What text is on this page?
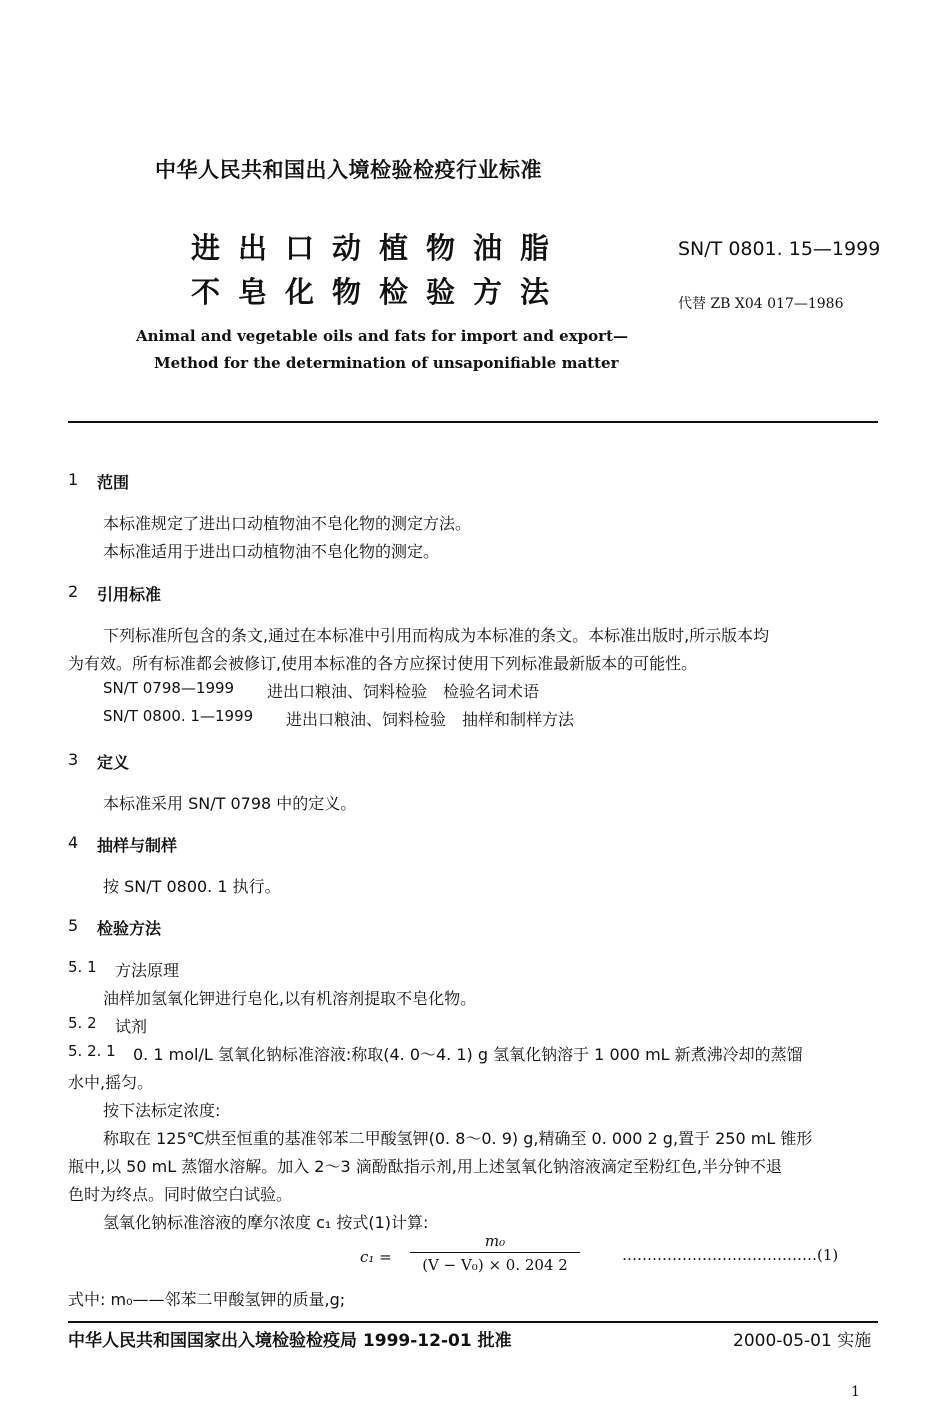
中华人民共和国出入境检验检疫行业标准
进出口动植物油脂
不皂化物检验方法
SN/T 0801. 15—1999
代替 ZB X04 017—1986
Animal and vegetable oils and fats for import and export—
Method for the determination of unsaponifiable matter
1 范围
本标准规定了进出口动植物油不皂化物的测定方法。
本标准适用于进出口动植物油不皂化物的测定。
2 引用标准
下列标准所包含的条文,通过在本标准中引用而构成为本标准的条文。本标准出版时,所示版本均
为有效。所有标准都会被修订,使用本标准的各方应探讨使用下列标准最新版本的可能性。
SN/T 0798—1999 进出口粮油、饲料检验　检验名词术语
SN/T 0800. 1—1999 进出口粮油、饲料检验　抽样和制样方法
3 定义
本标准采用 SN/T 0798 中的定义。
4 抽样与制样
按 SN/T 0800. 1 执行。
5 检验方法
5. 1 方法原理
油样加氢氧化钾进行皂化,以有机溶剂提取不皂化物。
5. 2 试剂
5. 2. 1 0. 1 mol/L 氢氧化钠标准溶液:称取(4. 0～4. 1) g 氢氧化钠溶于 1 000 mL 新煮沸冷却的蒸馏
水中,摇匀。
按下法标定浓度:
称取在 125℃烘至恒重的基准邻苯二甲酸氢钾(0. 8～0. 9) g,精确至 0. 000 2 g,置于 250 mL 锥形
瓶中,以 50 mL 蒸馏水溶解。加入 2～3 滴酚酞指示剂,用上述氢氧化钠溶液滴定至粉红色,半分钟不退
色时为终点。同时做空白试验。
氢氧化钠标准溶液的摩尔浓度 c₁ 按式(1)计算:
c₁ =
m₀
(V − V₀) × 0. 204 2
…………………………………(1)
式中: m₀——邻苯二甲酸氢钾的质量,g;
中华人民共和国国家出入境检验检疫局 1999-12-01 批准	2000-05-01 实施
1
